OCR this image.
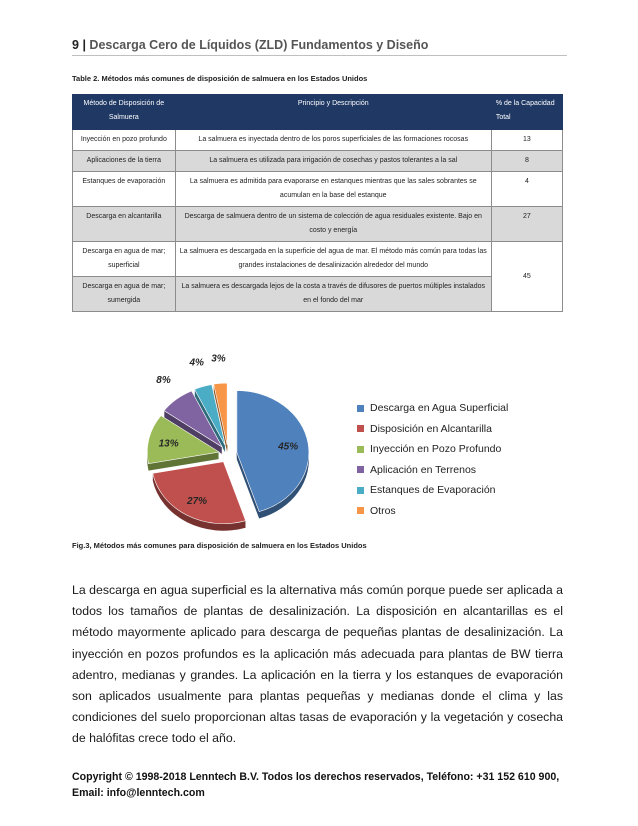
9 | Descarga Cero de Líquidos (ZLD) Fundamentos y Diseño
Table 2. Métodos más comunes de disposición de salmuera en los Estados Unidos
Método de Disposición de Salmuera	Principio y Descripción	% de la Capacidad Total
Inyección en pozo profundo	La salmuera es inyectada dentro de los poros superficiales de las formaciones rocosas	13
Aplicaciones de la tierra	La salmuera es utilizada para irrigación de cosechas y pastos tolerantes a la sal	8
Estanques de evaporación	La salmuera es admitida para evaporarse en estanques mientras que las sales sobrantes se acumulan en la base del estanque	4
Descarga en alcantarilla	Descarga de salmuera dentro de un sistema de colección de agua residuales existente. Bajo en costo y energía	27
Descarga en agua de mar; superficial	La salmuera es descargada en la superficie del agua de mar. El método más común para todas las grandes instalaciones de desalinización alrededor del mundo	45
Descarga en agua de mar; sumergida	La salmuera es descargada lejos de la costa a través de difusores de puertos múltiples instalados en el fondo del mar	
45%
27%
13%
8%
4% 3%
Descarga en Agua Superficial
Disposición en Alcantarilla
Inyección en Pozo Profundo
Aplicación en Terrenos
Estanques de Evaporación
Otros
Fig.3, Métodos más comunes para disposición de salmuera en los Estados Unidos
La descarga en agua superficial es la alternativa más común porque puede ser aplicada a todos los tamaños de plantas de desalinización. La disposición en alcantarillas es el método mayormente aplicado para descarga de pequeñas plantas de desalinización. La inyección en pozos profundos es la aplicación más adecuada para plantas de BW tierra adentro, medianas y grandes. La aplicación en la tierra y los estanques de evaporación son aplicados usualmente para plantas pequeñas y medianas donde el clima y las condiciones del suelo proporcionan altas tasas de evaporación y la vegetación y cosecha de halófitas crece todo el año.
Copyright © 1998-2018 Lenntech B.V. Todos los derechos reservados, Teléfono: +31 152 610 900,
Email: info@lenntech.com
